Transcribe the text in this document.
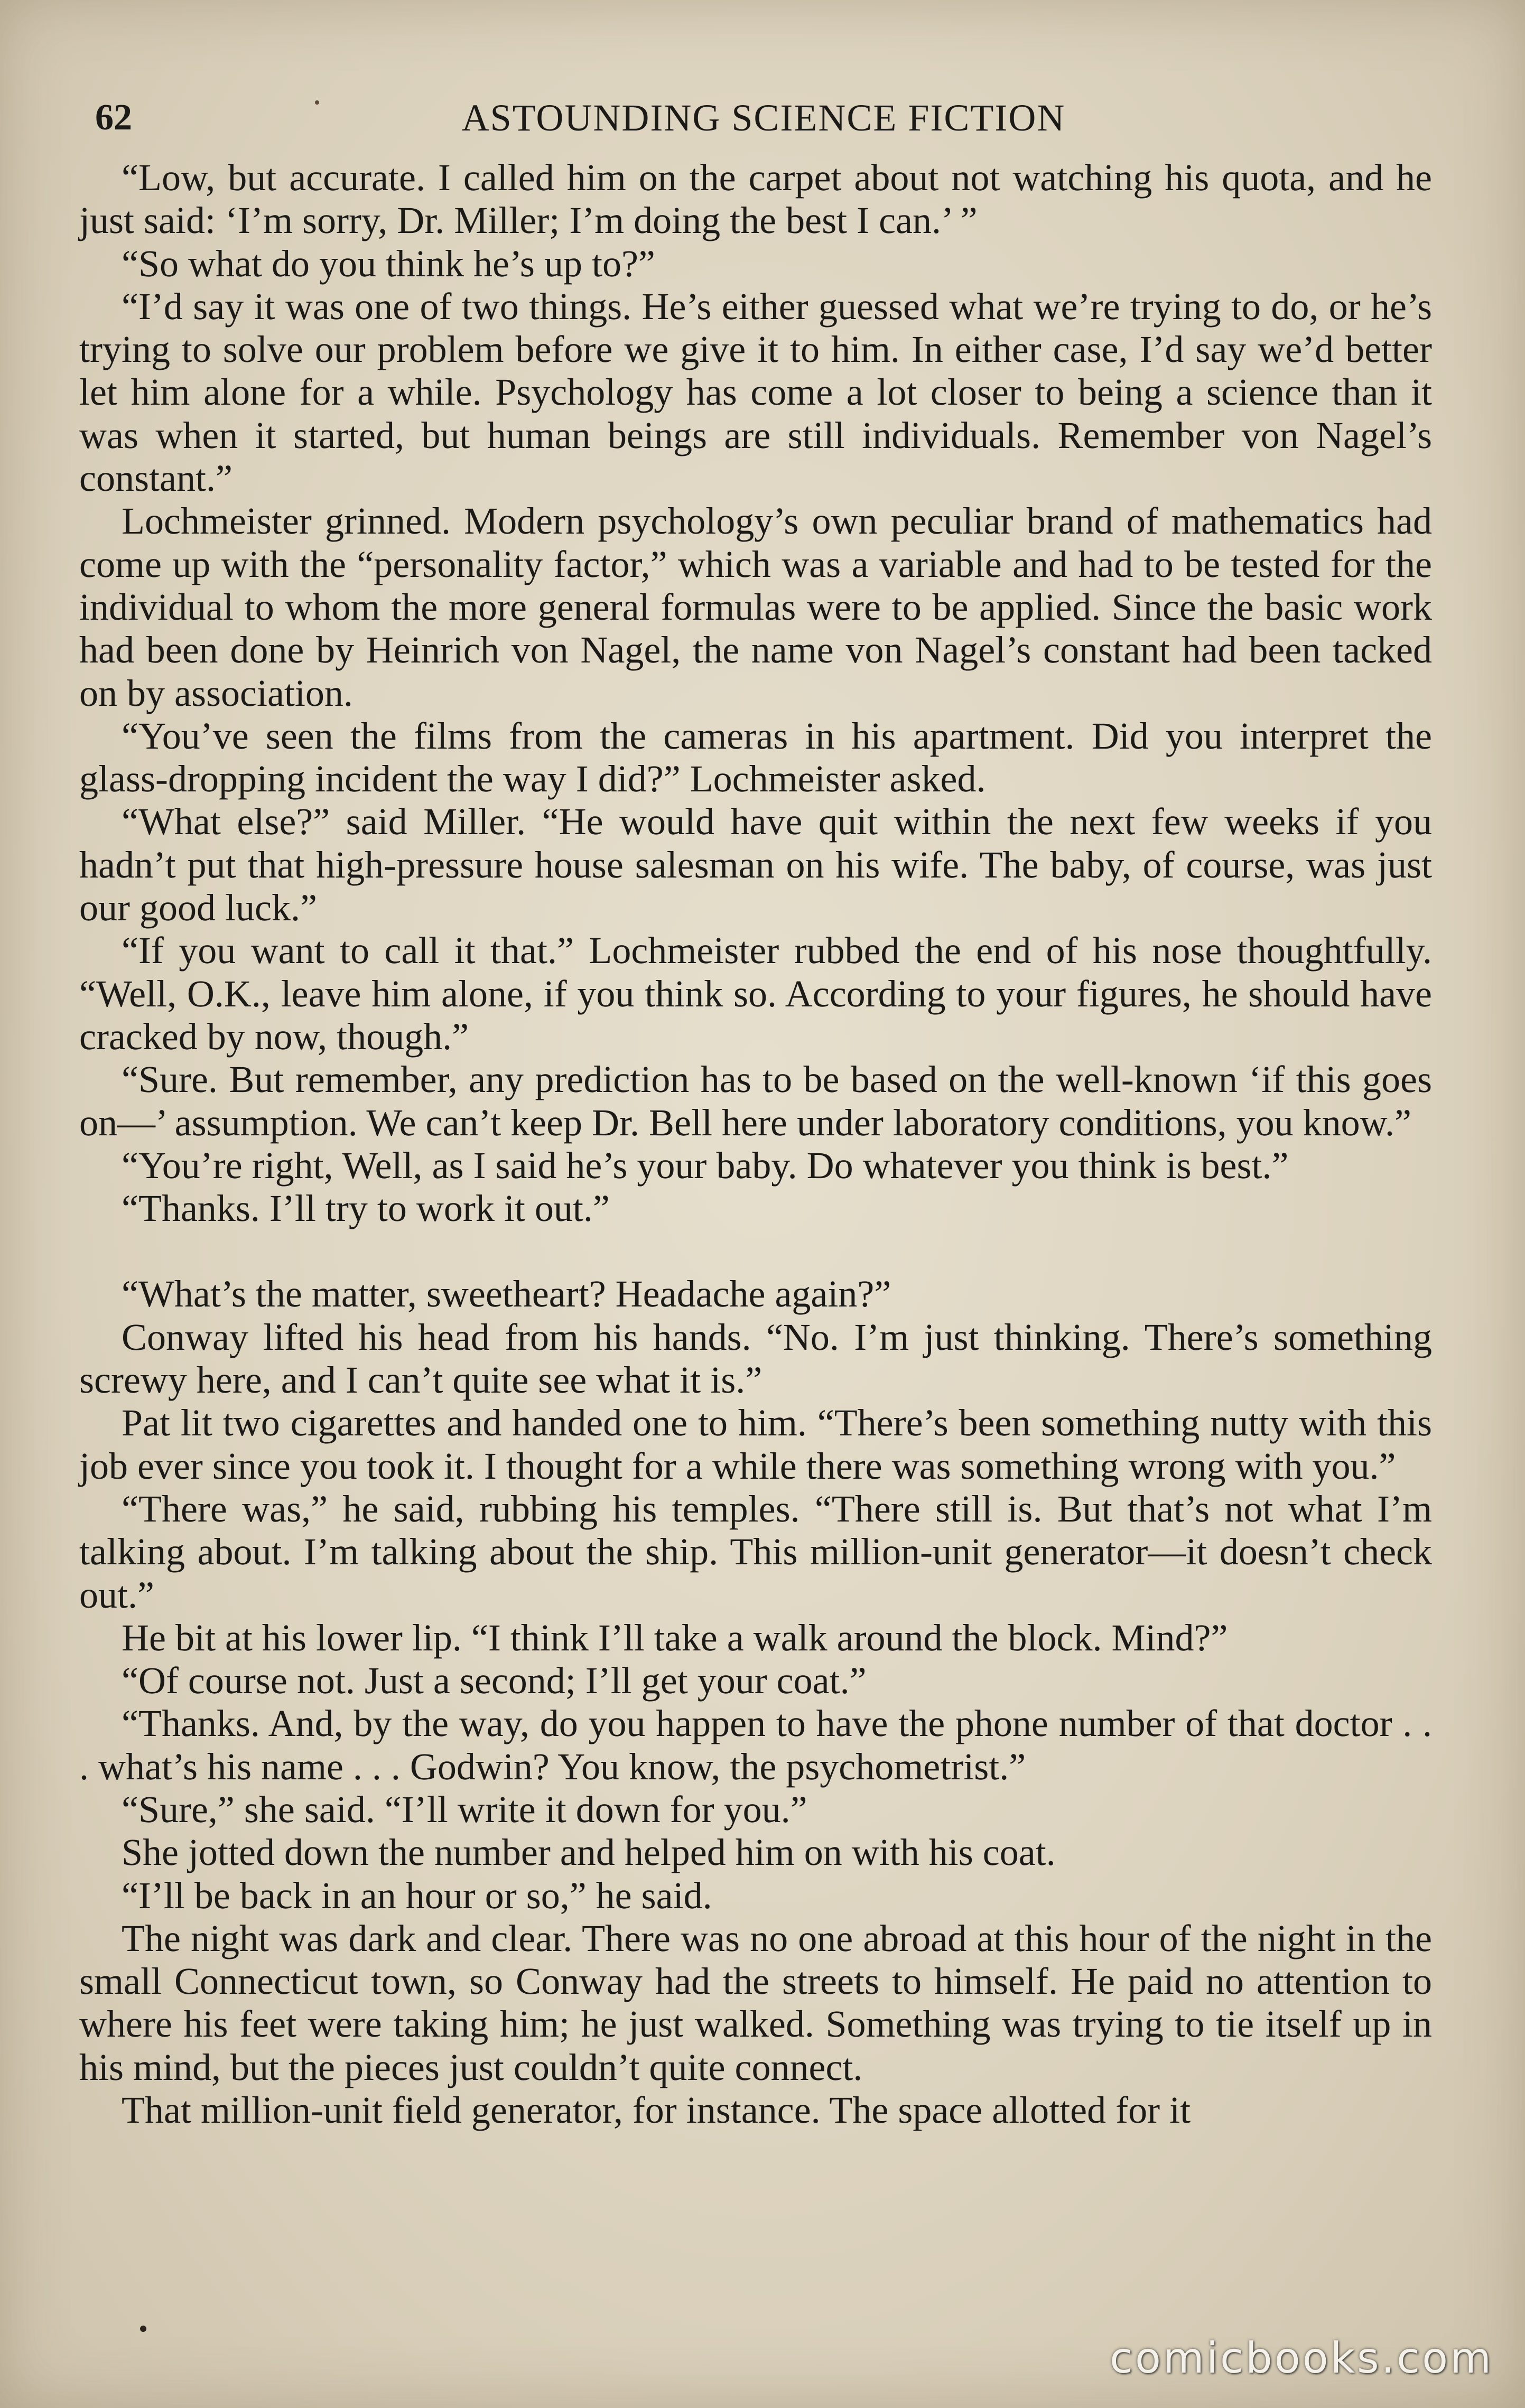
62	ASTOUNDING SCIENCE FICTION

“Low, but accurate. I called him on the carpet about not watching his quota, and he just said: ‘I’m sorry, Dr. Miller; I’m doing the best I can.’ ”

“So what do you think he’s up to?”

“I’d say it was one of two things. He’s either guessed what we’re trying to do, or he’s trying to solve our problem before we give it to him. In either case, I’d say we’d better let him alone for a while. Psychology has come a lot closer to being a science than it was when it started, but human beings are still individuals. Remember von Nagel’s constant.”

Lochmeister grinned. Modern psychology’s own peculiar brand of mathematics had come up with the “personality factor,” which was a variable and had to be tested for the individual to whom the more general formulas were to be applied. Since the basic work had been done by Heinrich von Nagel, the name von Nagel’s constant had been tacked on by association.

“You’ve seen the films from the cameras in his apartment. Did you interpret the glass-dropping incident the way I did?” Lochmeister asked.

“What else?” said Miller. “He would have quit within the next few weeks if you hadn’t put that high-pressure house salesman on his wife. The baby, of course, was just our good luck.”

“If you want to call it that.” Lochmeister rubbed the end of his nose thoughtfully. “Well, O.K., leave him alone, if you think so. According to your figures, he should have cracked by now, though.”

“Sure. But remember, any prediction has to be based on the well-known ‘if this goes on—’ assumption. We can’t keep Dr. Bell here under laboratory conditions, you know.”

“You’re right, Well, as I said he’s your baby. Do whatever you think is best.”

“Thanks. I’ll try to work it out.”

“What’s the matter, sweetheart? Headache again?”

Conway lifted his head from his hands. “No. I’m just thinking. There’s something screwy here, and I can’t quite see what it is.”

Pat lit two cigarettes and handed one to him. “There’s been something nutty with this job ever since you took it. I thought for a while there was something wrong with you.”

“There was,” he said, rubbing his temples. “There still is. But that’s not what I’m talking about. I’m talking about the ship. This million-unit generator—it doesn’t check out.”

He bit at his lower lip. “I think I’ll take a walk around the block. Mind?”

“Of course not. Just a second; I’ll get your coat.”

“Thanks. And, by the way, do you happen to have the phone number of that doctor . . . what’s his name . . . Godwin? You know, the psychometrist.”

“Sure,” she said. “I’ll write it down for you.”

She jotted down the number and helped him on with his coat.

“I’ll be back in an hour or so,” he said.

The night was dark and clear. There was no one abroad at this hour of the night in the small Connecticut town, so Conway had the streets to himself. He paid no attention to where his feet were taking him; he just walked. Something was trying to tie itself up in his mind, but the pieces just couldn’t quite connect.

That million-unit field generator, for instance. The space allotted for it

comicbooks.com
